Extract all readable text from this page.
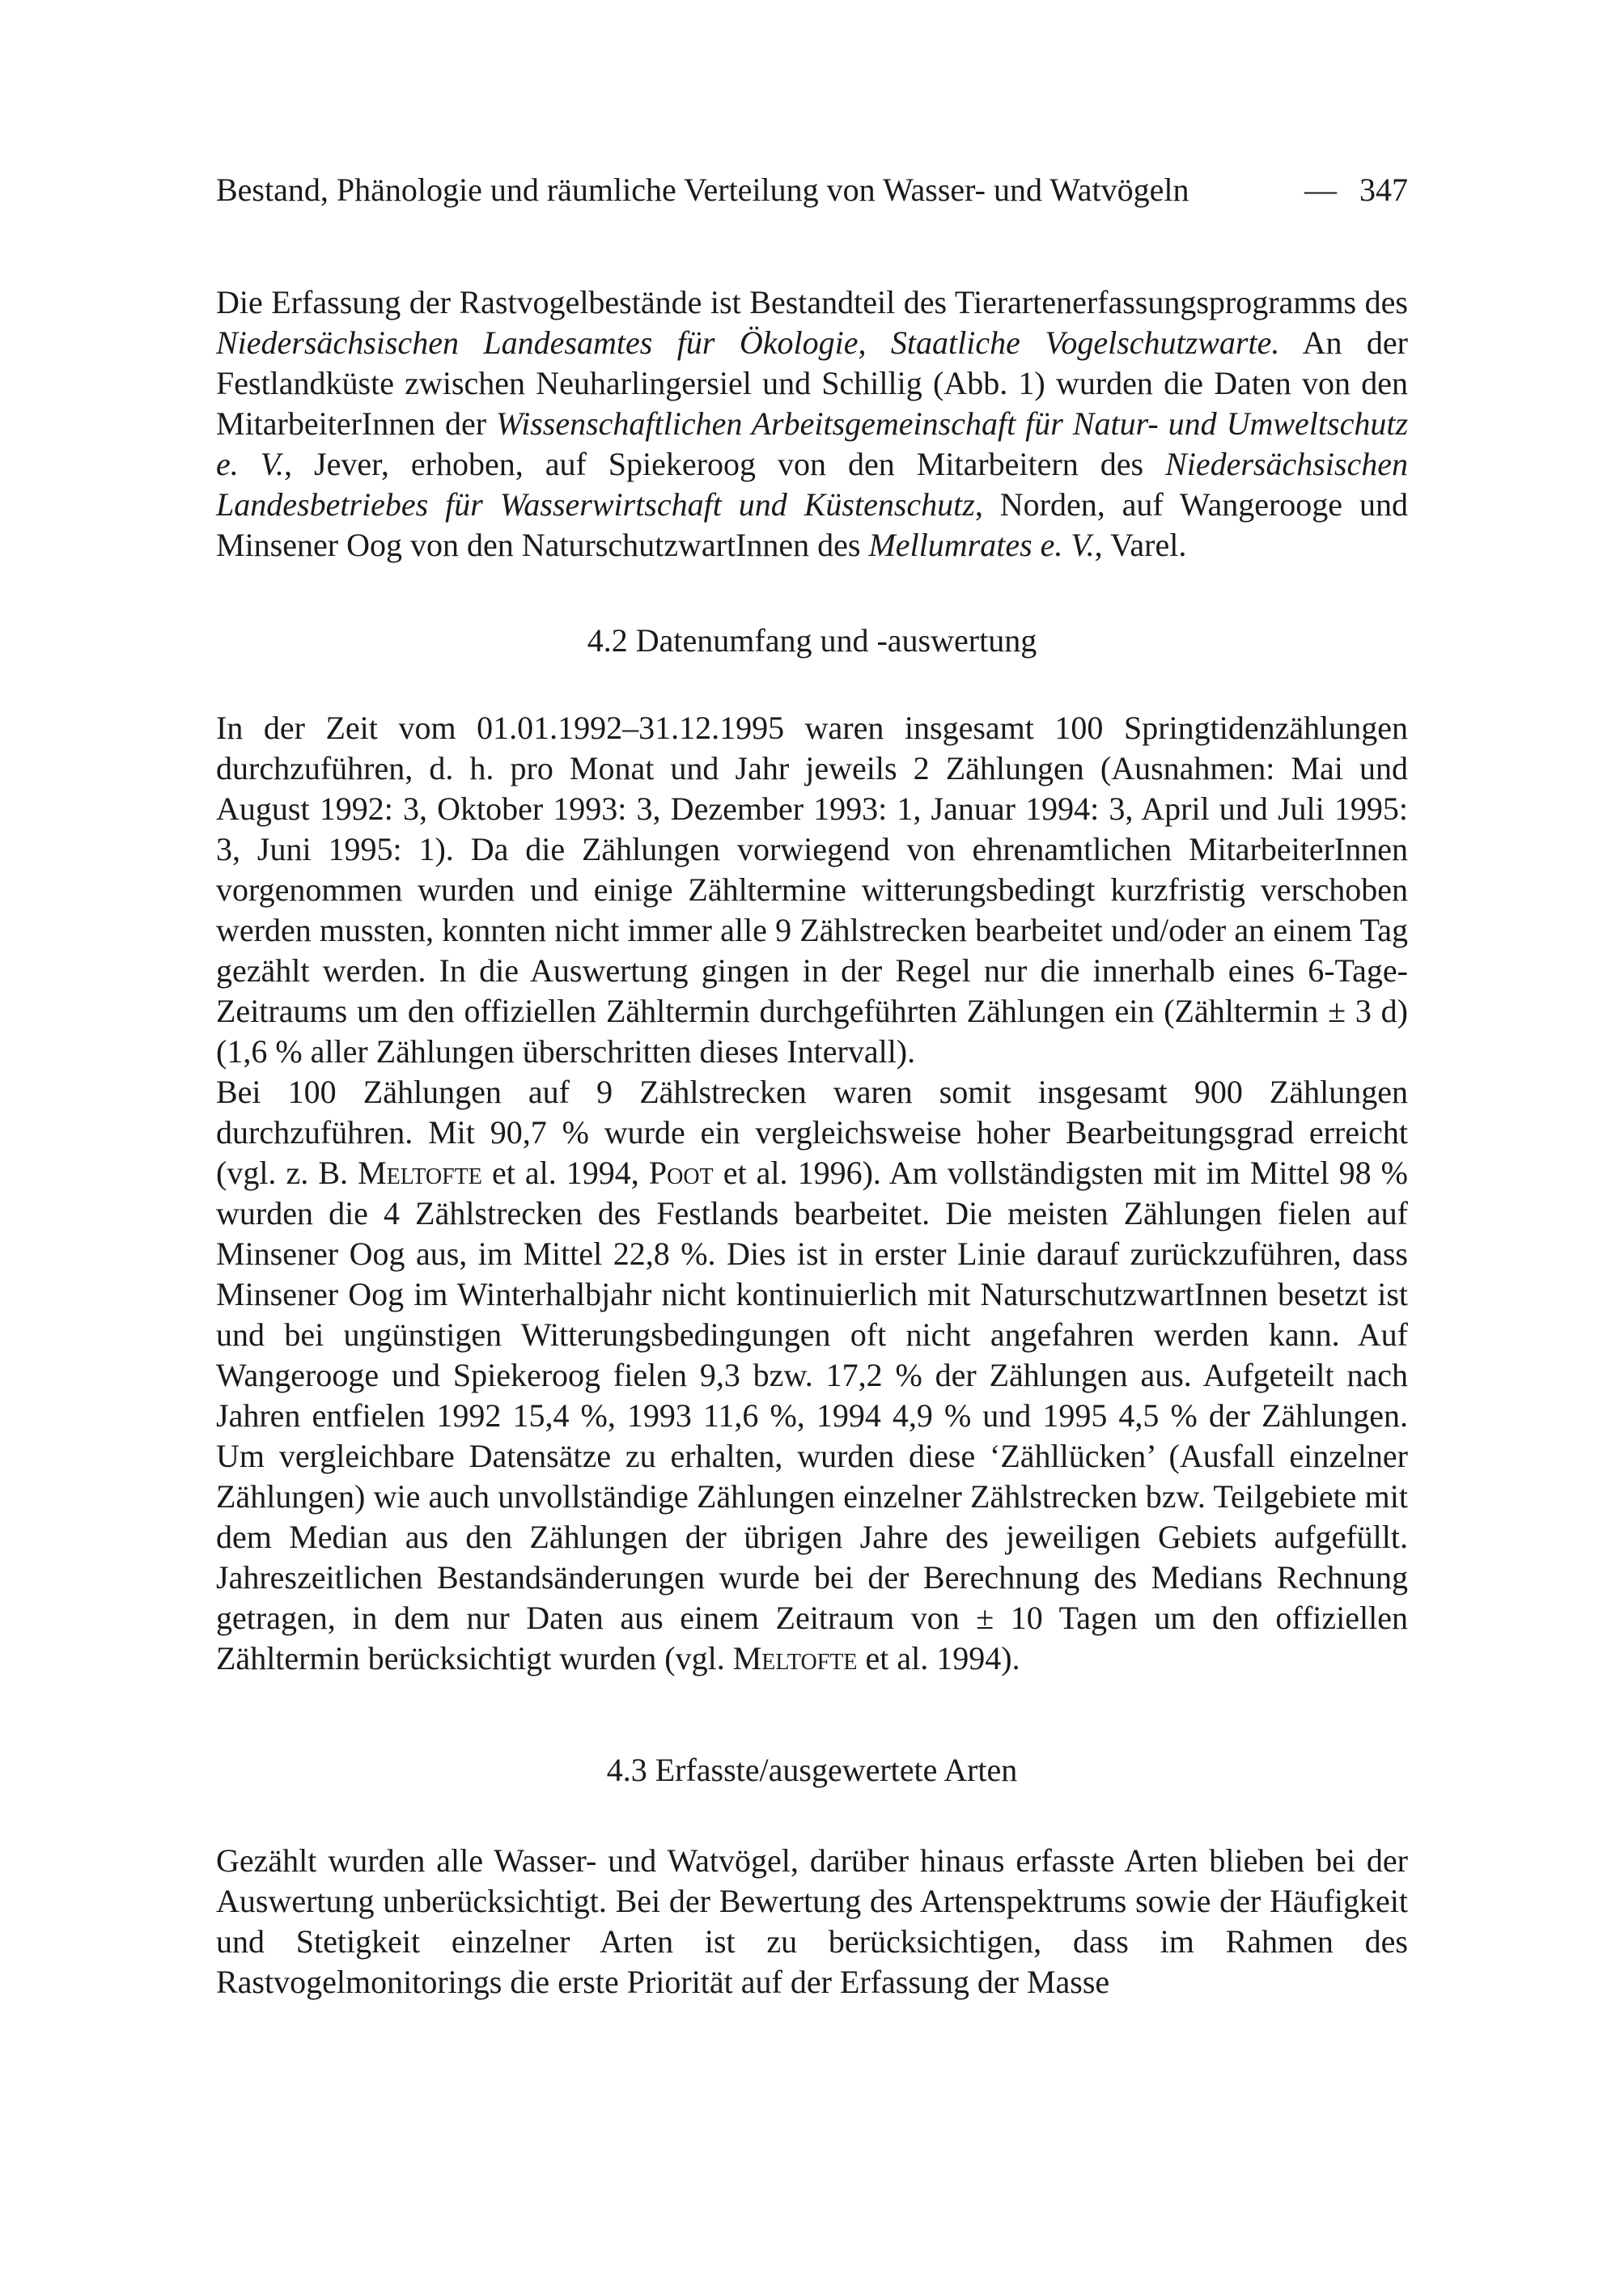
Bestand, Phänologie und räumliche Verteilung von Wasser- und Watvögeln	— 347

Die Erfassung der Rastvogelbestände ist Bestandteil des Tierartenerfassungsprogramms des Niedersächsischen Landesamtes für Ökologie, Staatliche Vogelschutzwarte. An der Festlandküste zwischen Neuharlingersiel und Schillig (Abb. 1) wurden die Daten von den MitarbeiterInnen der Wissenschaftlichen Arbeitsgemeinschaft für Natur- und Umweltschutz e. V., Jever, erhoben, auf Spiekeroog von den Mitarbeitern des Niedersächsischen Landesbetriebes für Wasserwirtschaft und Küstenschutz, Norden, auf Wangerooge und Minsener Oog von den NaturschutzwartInnen des Mellumrates e. V., Varel.

4.2 Datenumfang und -auswertung

In der Zeit vom 01.01.1992–31.12.1995 waren insgesamt 100 Springtidenzählungen durchzuführen, d. h. pro Monat und Jahr jeweils 2 Zählungen (Ausnahmen: Mai und August 1992: 3, Oktober 1993: 3, Dezember 1993: 1, Januar 1994: 3, April und Juli 1995: 3, Juni 1995: 1). Da die Zählungen vorwiegend von ehrenamtlichen MitarbeiterInnen vorgenommen wurden und einige Zähltermine witterungsbedingt kurzfristig verschoben werden mussten, konnten nicht immer alle 9 Zählstrecken bearbeitet und/oder an einem Tag gezählt werden. In die Auswertung gingen in der Regel nur die innerhalb eines 6-Tage-Zeitraums um den offiziellen Zähltermin durchgeführten Zählungen ein (Zähltermin ± 3 d) (1,6 % aller Zählungen überschritten dieses Intervall).

Bei 100 Zählungen auf 9 Zählstrecken waren somit insgesamt 900 Zählungen durchzuführen. Mit 90,7 % wurde ein vergleichsweise hoher Bearbeitungsgrad erreicht (vgl. z. B. Meltofte et al. 1994, Poot et al. 1996). Am vollständigsten mit im Mittel 98 % wurden die 4 Zählstrecken des Festlands bearbeitet. Die meisten Zählungen fielen auf Minsener Oog aus, im Mittel 22,8 %. Dies ist in erster Linie darauf zurückzuführen, dass Minsener Oog im Winterhalbjahr nicht kontinuierlich mit NaturschutzwartInnen besetzt ist und bei ungünstigen Witterungsbedingungen oft nicht angefahren werden kann. Auf Wangerooge und Spiekeroog fielen 9,3 bzw. 17,2 % der Zählungen aus. Aufgeteilt nach Jahren entfielen 1992 15,4 %, 1993 11,6 %, 1994 4,9 % und 1995 4,5 % der Zählungen. Um vergleichbare Datensätze zu erhalten, wurden diese ‘Zähllücken’ (Ausfall einzelner Zählungen) wie auch unvollständige Zählungen einzelner Zählstrecken bzw. Teilgebiete mit dem Median aus den Zählungen der übrigen Jahre des jeweiligen Gebiets aufgefüllt. Jahreszeitlichen Bestandsänderungen wurde bei der Berechnung des Medians Rechnung getragen, in dem nur Daten aus einem Zeitraum von ± 10 Tagen um den offiziellen Zähltermin berücksichtigt wurden (vgl. Meltofte et al. 1994).

4.3 Erfasste/ausgewertete Arten

Gezählt wurden alle Wasser- und Watvögel, darüber hinaus erfasste Arten blieben bei der Auswertung unberücksichtigt. Bei der Bewertung des Artenspektrums sowie der Häufigkeit und Stetigkeit einzelner Arten ist zu berücksichtigen, dass im Rahmen des Rastvogelmonitorings die erste Priorität auf der Erfassung der Masse
